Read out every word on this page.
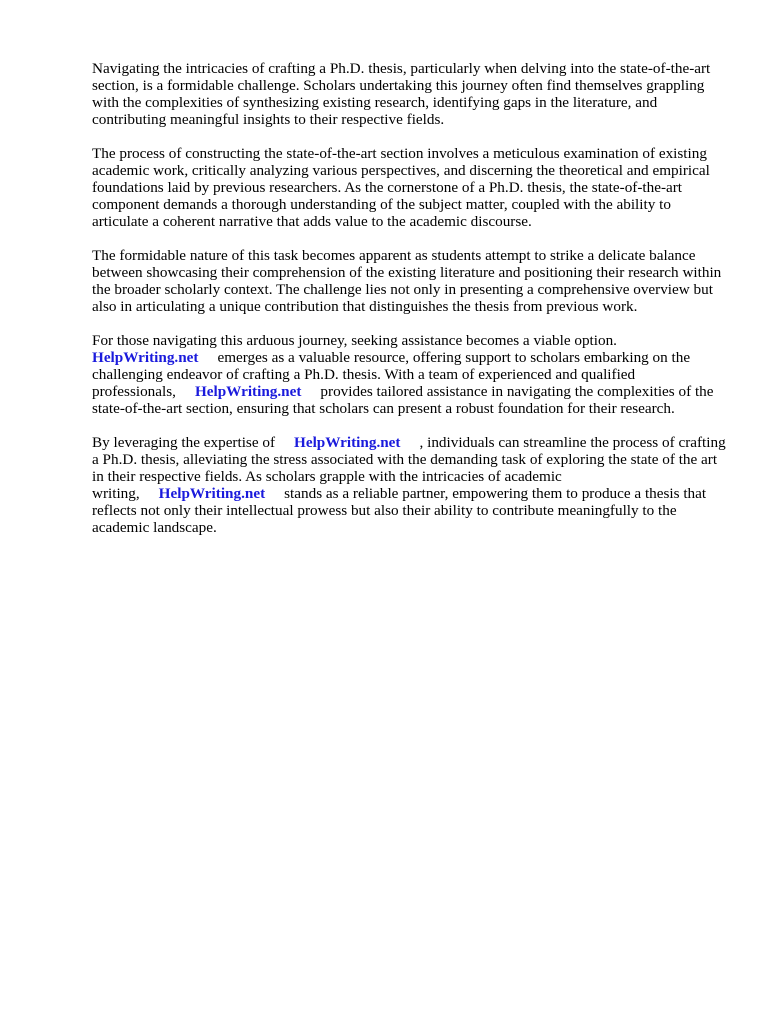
Navigating the intricacies of crafting a Ph.D. thesis, particularly when delving into the state-of-the-art section, is a formidable challenge. Scholars undertaking this journey often find themselves grappling with the complexities of synthesizing existing research, identifying gaps in the literature, and contributing meaningful insights to their respective fields.

The process of constructing the state-of-the-art section involves a meticulous examination of existing academic work, critically analyzing various perspectives, and discerning the theoretical and empirical foundations laid by previous researchers. As the cornerstone of a Ph.D. thesis, the state-of-the-art component demands a thorough understanding of the subject matter, coupled with the ability to articulate a coherent narrative that adds value to the academic discourse.

The formidable nature of this task becomes apparent as students attempt to strike a delicate balance between showcasing their comprehension of the existing literature and positioning their research within the broader scholarly context. The challenge lies not only in presenting a comprehensive overview but also in articulating a unique contribution that distinguishes the thesis from previous work.

For those navigating this arduous journey, seeking assistance becomes a viable option.
HelpWriting.net emerges as a valuable resource, offering support to scholars embarking on the challenging endeavor of crafting a Ph.D. thesis. With a team of experienced and qualified professionals, HelpWriting.net provides tailored assistance in navigating the complexities of the state-of-the-art section, ensuring that scholars can present a robust foundation for their research.

By leveraging the expertise of HelpWriting.net , individuals can streamline the process of crafting a Ph.D. thesis, alleviating the stress associated with the demanding task of exploring the state of the art in their respective fields. As scholars grapple with the intricacies of academic writing, HelpWriting.net stands as a reliable partner, empowering them to produce a thesis that reflects not only their intellectual prowess but also their ability to contribute meaningfully to the academic landscape.
